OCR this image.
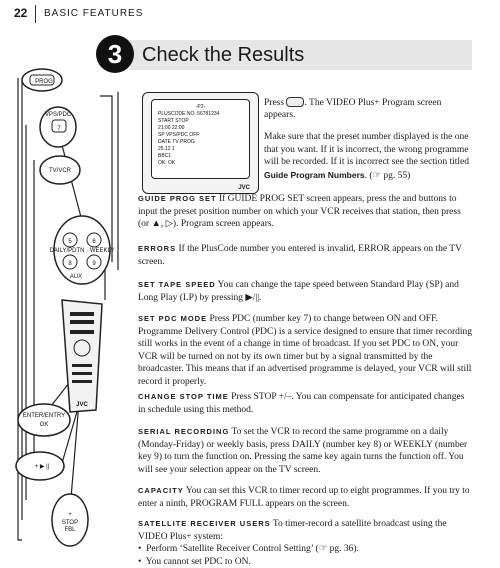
22 BASIC FEATURES
3 Check the Results
PROG
VPS/PDC
7
TV/VCR
5	6
DAILY/PDTN · WEEKLY
8	9
AUX
JVC
ENTER/ENTRY
OK
+ ▶ ||
+
STOP
FBL
-P2-
PLUSCODE NO. 56781234
START STOP
21:00 22:00
SP VPS/PDC OFF
DATE TV PROG
25.12 1
BBC1
OK: OK
JVC

Press . The VIDEO Plus+ Program screen appears.

Make sure that the preset number displayed is the one that you want. If it is incorrect, the wrong programme will be recorded. If it is incorrect see the section titled Guide Program Numbers. (☞ pg. 55)

GUIDE PROG SET If GUIDE PROG SET screen appears, press the and buttons to input the preset position number on which your VCR receives that station, then press (or ▲, ▷). Program screen appears.

ERRORS If the PlusCode number you entered is invalid, ERROR appears on the TV screen.

SET TAPE SPEED You can change the tape speed between Standard Play (SP) and Long Play (LP) by pressing ▶/||.

SET PDC MODE Press PDC (number key 7) to change between ON and OFF. Programme Delivery Control (PDC) is a service designed to ensure that timer recording still works in the event of a change in time of broadcast. If you set PDC to ON, your VCR will be turned on not by its own timer but by a signal transmitted by the broadcaster. This means that if an advertised programme is delayed, your VCR will still record it properly.

CHANGE STOP TIME Press STOP +/–. You can compensate for anticipated changes in schedule using this method.

SERIAL RECORDING To set the VCR to record the same programme on a daily (Monday-Friday) or weekly basis, press DAILY (number key 8) or WEEKLY (number key 9) to turn the function on. Pressing the same key again turns the function off. You will see your selection appear on the TV screen.

CAPACITY You can set this VCR to timer record up to eight programmes. If you try to enter a ninth, PROGRAM FULL appears on the screen.

SATELLITE RECEIVER USERS To timer-record a satellite broadcast using the VIDEO Plus+ system:

•  Perform ‘Satellite Receiver Control Setting’ (☞ pg. 36).

•  You cannot set PDC to ON.
